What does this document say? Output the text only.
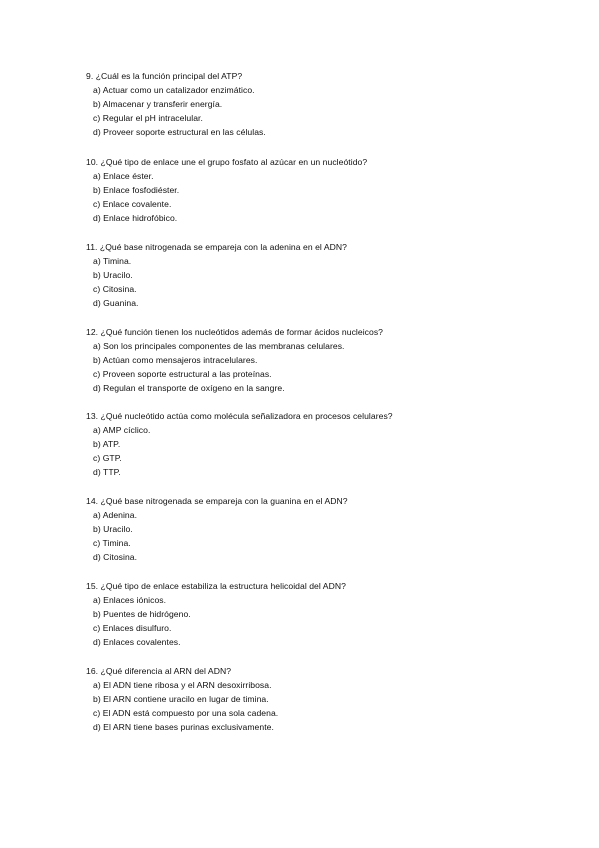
9. ¿Cuál es la función principal del ATP?
a) Actuar como un catalizador enzimático.
b) Almacenar y transferir energía.
c) Regular el pH intracelular.
d) Proveer soporte estructural en las células.
10. ¿Qué tipo de enlace une el grupo fosfato al azúcar en un nucleótido?
a) Enlace éster.
b) Enlace fosfodiéster.
c) Enlace covalente.
d) Enlace hidrofóbico.
11. ¿Qué base nitrogenada se empareja con la adenina en el ADN?
a) Timina.
b) Uracilo.
c) Citosina.
d) Guanina.
12. ¿Qué función tienen los nucleótidos además de formar ácidos nucleicos?
a) Son los principales componentes de las membranas celulares.
b) Actúan como mensajeros intracelulares.
c) Proveen soporte estructural a las proteínas.
d) Regulan el transporte de oxígeno en la sangre.
13. ¿Qué nucleótido actúa como molécula señalizadora en procesos celulares?
a) AMP cíclico.
b) ATP.
c) GTP.
d) TTP.
14. ¿Qué base nitrogenada se empareja con la guanina en el ADN?
a) Adenina.
b) Uracilo.
c) Timina.
d) Citosina.
15. ¿Qué tipo de enlace estabiliza la estructura helicoidal del ADN?
a) Enlaces iónicos.
b) Puentes de hidrógeno.
c) Enlaces disulfuro.
d) Enlaces covalentes.
16. ¿Qué diferencia al ARN del ADN?
a) El ADN tiene ribosa y el ARN desoxirribosa.
b) El ARN contiene uracilo en lugar de timina.
c) El ADN está compuesto por una sola cadena.
d) El ARN tiene bases purinas exclusivamente.
